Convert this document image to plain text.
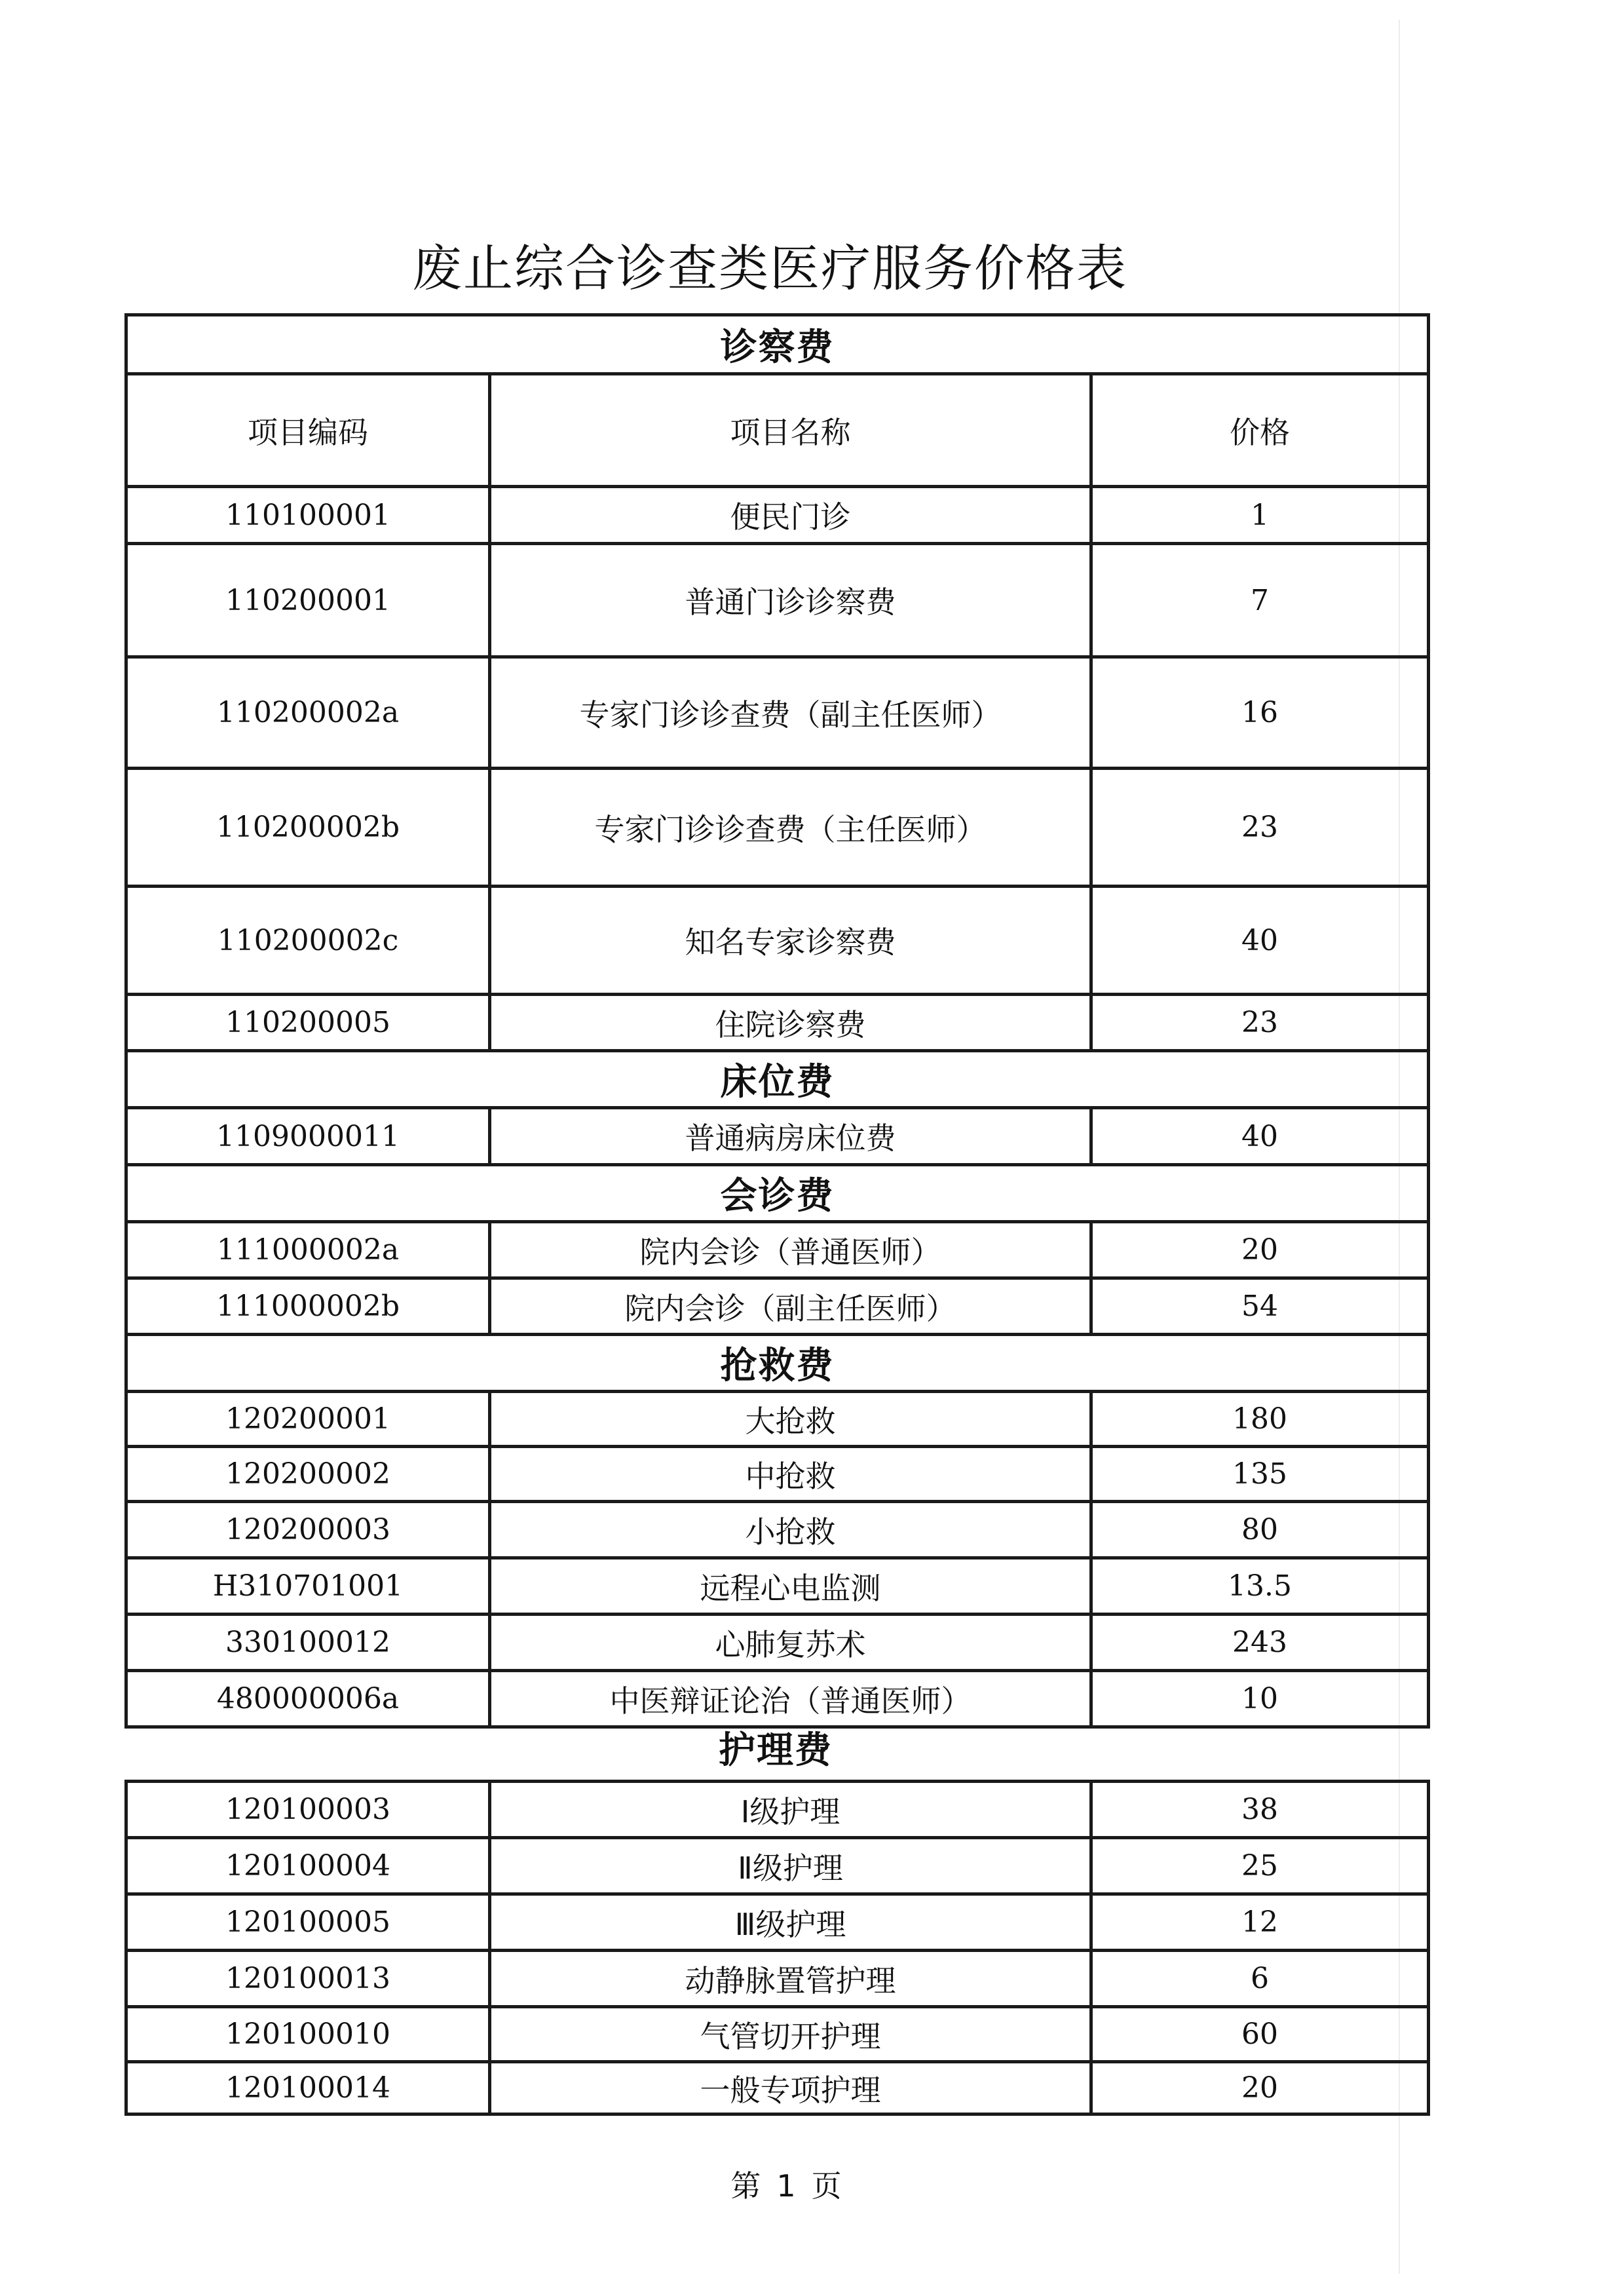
废止综合诊查类医疗服务价格表
诊察费		
项目编码	项目名称	价格
110100001	便民门诊	1
110200001	普通门诊诊察费	7
110200002a	专家门诊诊查费（副主任医师）	16
110200002b	专家门诊诊查费（主任医师）	23
110200002c	知名专家诊察费	40
110200005	住院诊察费	23
床位费		
1109000011	普通病房床位费	40
会诊费		
111000002a	院内会诊（普通医师）	20
111000002b	院内会诊（副主任医师）	54
抢救费		
120200001	大抢救	180
120200002	中抢救	135
120200003	小抢救	80
H310701001	远程心电监测	13.5
330100012	心肺复苏术	243
480000006a	中医辩证论治（普通医师）	10
护理费
120100003	Ⅰ级护理	38
120100004	Ⅱ级护理	25
120100005	Ⅲ级护理	12
120100013	动静脉置管护理	6
120100010	气管切开护理	60
120100014	一般专项护理	20
第 1 页
